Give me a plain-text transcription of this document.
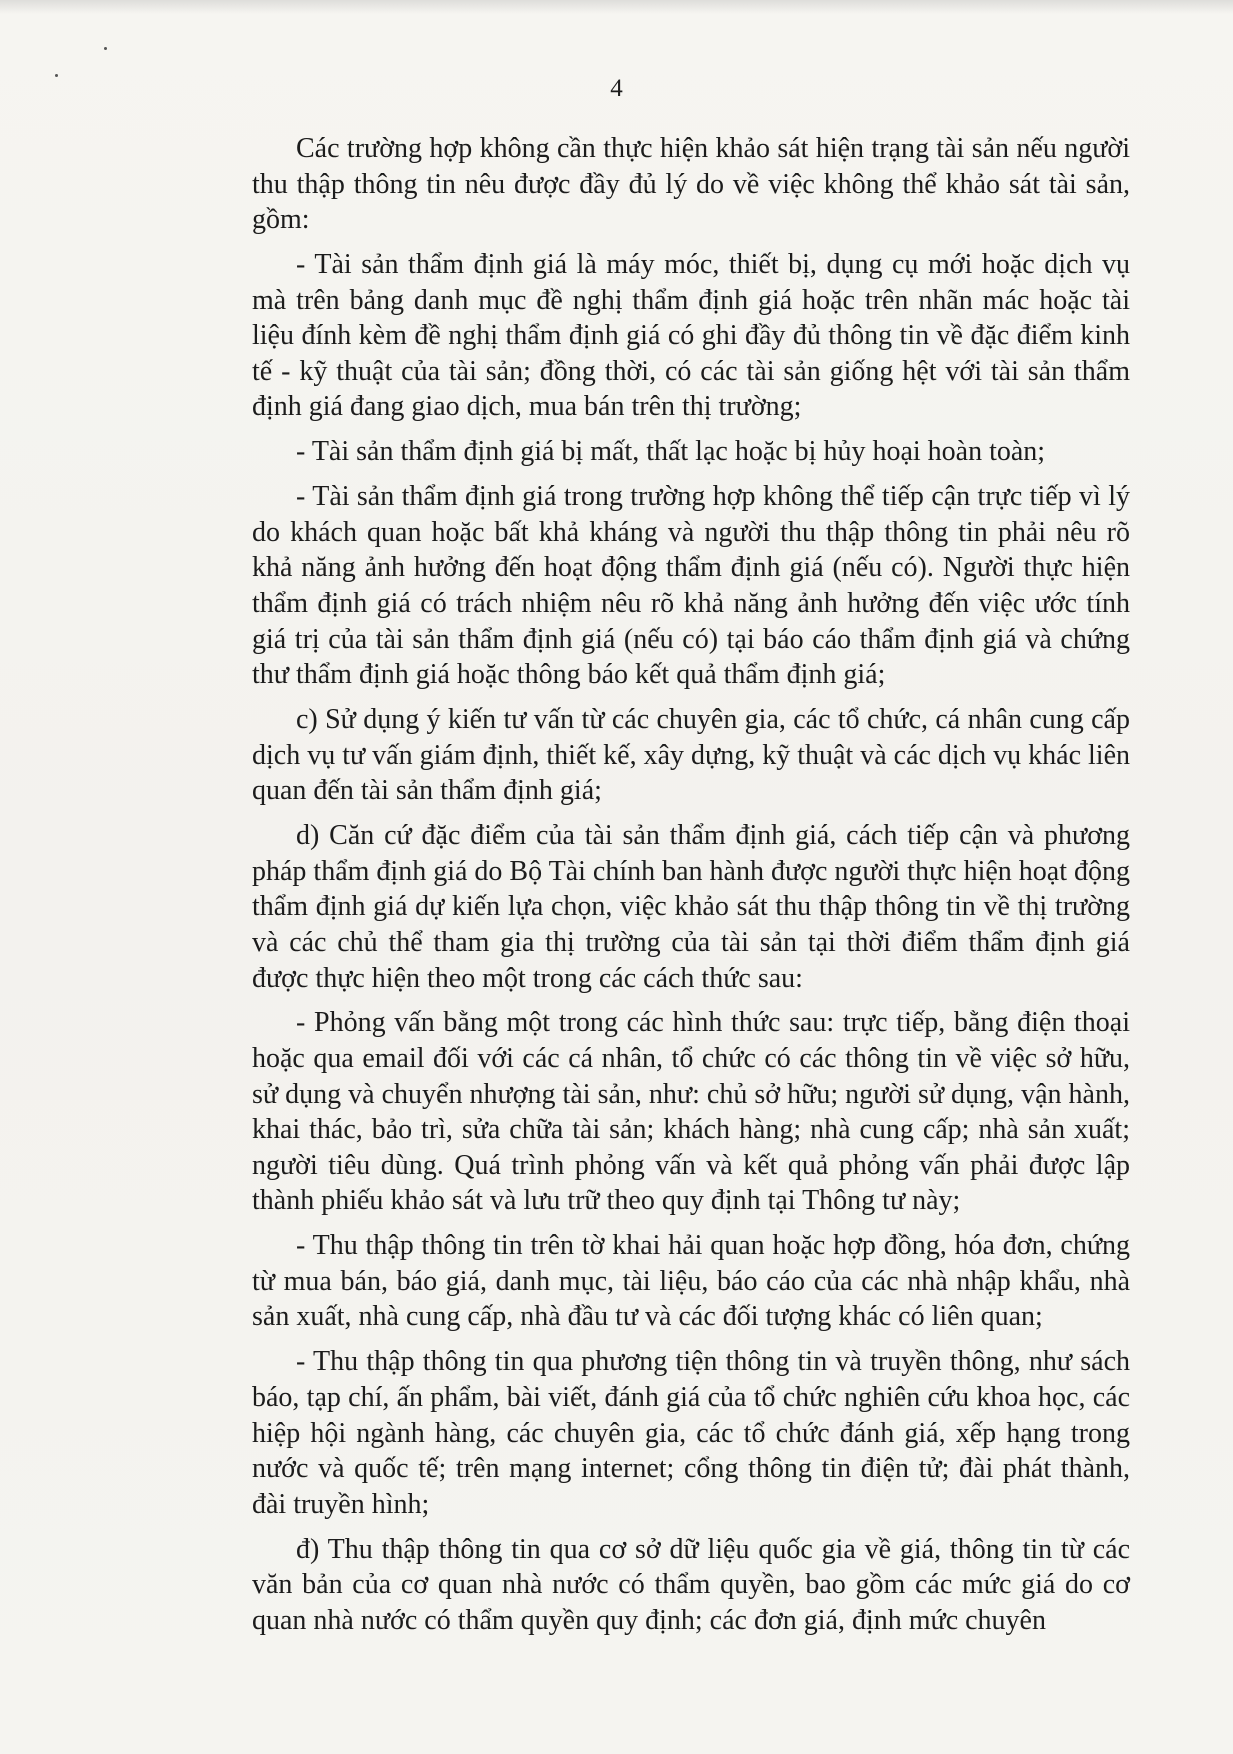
4

Các trường hợp không cần thực hiện khảo sát hiện trạng tài sản nếu người thu thập thông tin nêu được đầy đủ lý do về việc không thể khảo sát tài sản, gồm:

- Tài sản thẩm định giá là máy móc, thiết bị, dụng cụ mới hoặc dịch vụ mà trên bảng danh mục đề nghị thẩm định giá hoặc trên nhãn mác hoặc tài liệu đính kèm đề nghị thẩm định giá có ghi đầy đủ thông tin về đặc điểm kinh tế - kỹ thuật của tài sản; đồng thời, có các tài sản giống hệt với tài sản thẩm định giá đang giao dịch, mua bán trên thị trường;

- Tài sản thẩm định giá bị mất, thất lạc hoặc bị hủy hoại hoàn toàn;

- Tài sản thẩm định giá trong trường hợp không thể tiếp cận trực tiếp vì lý do khách quan hoặc bất khả kháng và người thu thập thông tin phải nêu rõ khả năng ảnh hưởng đến hoạt động thẩm định giá (nếu có). Người thực hiện thẩm định giá có trách nhiệm nêu rõ khả năng ảnh hưởng đến việc ước tính giá trị của tài sản thẩm định giá (nếu có) tại báo cáo thẩm định giá và chứng thư thẩm định giá hoặc thông báo kết quả thẩm định giá;

c) Sử dụng ý kiến tư vấn từ các chuyên gia, các tổ chức, cá nhân cung cấp dịch vụ tư vấn giám định, thiết kế, xây dựng, kỹ thuật và các dịch vụ khác liên quan đến tài sản thẩm định giá;

d) Căn cứ đặc điểm của tài sản thẩm định giá, cách tiếp cận và phương pháp thẩm định giá do Bộ Tài chính ban hành được người thực hiện hoạt động thẩm định giá dự kiến lựa chọn, việc khảo sát thu thập thông tin về thị trường và các chủ thể tham gia thị trường của tài sản tại thời điểm thẩm định giá được thực hiện theo một trong các cách thức sau:

- Phỏng vấn bằng một trong các hình thức sau: trực tiếp, bằng điện thoại hoặc qua email đối với các cá nhân, tổ chức có các thông tin về việc sở hữu, sử dụng và chuyển nhượng tài sản, như: chủ sở hữu; người sử dụng, vận hành, khai thác, bảo trì, sửa chữa tài sản; khách hàng; nhà cung cấp; nhà sản xuất; người tiêu dùng. Quá trình phỏng vấn và kết quả phỏng vấn phải được lập thành phiếu khảo sát và lưu trữ theo quy định tại Thông tư này;

- Thu thập thông tin trên tờ khai hải quan hoặc hợp đồng, hóa đơn, chứng từ mua bán, báo giá, danh mục, tài liệu, báo cáo của các nhà nhập khẩu, nhà sản xuất, nhà cung cấp, nhà đầu tư và các đối tượng khác có liên quan;

- Thu thập thông tin qua phương tiện thông tin và truyền thông, như sách báo, tạp chí, ấn phẩm, bài viết, đánh giá của tổ chức nghiên cứu khoa học, các hiệp hội ngành hàng, các chuyên gia, các tổ chức đánh giá, xếp hạng trong nước và quốc tế; trên mạng internet; cổng thông tin điện tử; đài phát thành, đài truyền hình;

đ) Thu thập thông tin qua cơ sở dữ liệu quốc gia về giá, thông tin từ các văn bản của cơ quan nhà nước có thẩm quyền, bao gồm các mức giá do cơ quan nhà nước có thẩm quyền quy định; các đơn giá, định mức chuyên
